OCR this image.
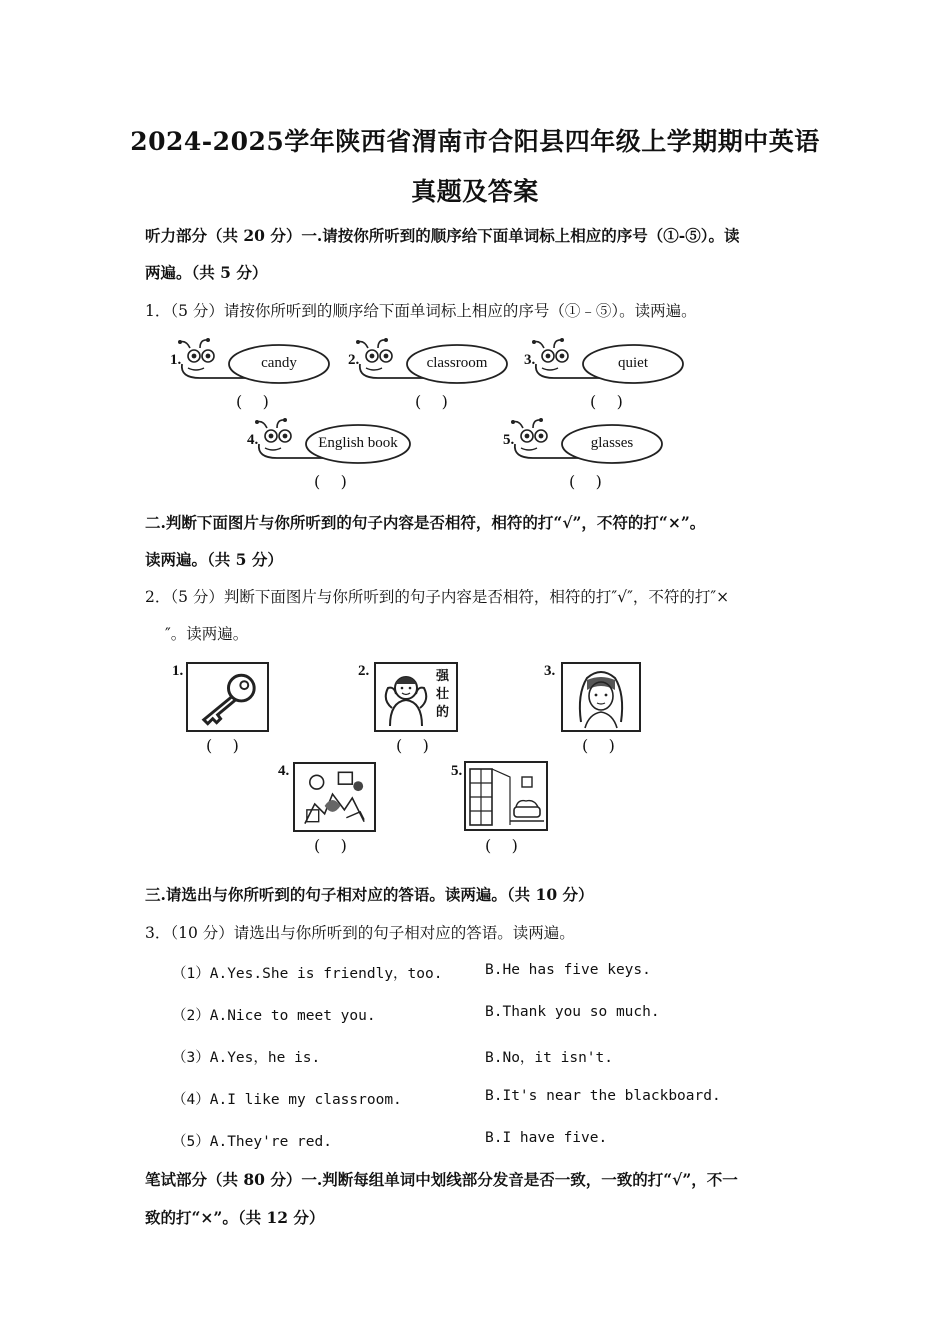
2024-2025学年陕西省渭南市合阳县四年级上学期期中英语
真题及答案
听力部分（共 20 分）一.请按你所听到的顺序给下面单词标上相应的序号（①-⑤）。读
两遍。（共 5 分）
1．（5 分）请按你所听到的顺序给下面单词标上相应的序号（①﹣⑤）。读两遍。
1.	candy
(    )
2.	classroom
(    )
3.	quiet
(    )
4.	English book
(    )
5.	glasses
(    )
二.判断下面图片与你所听到的句子内容是否相符，相符的打“√”，不符的打“×”。
读两遍。（共 5 分）
2．（5 分）判断下面图片与你所听到的句子内容是否相符，相符的打″√″，不符的打″×
″。读两遍。
1.
(    )
2.	强壮的
(    )
3.
(    )
4.
(    )
5.
(    )
三.请选出与你所听到的句子相对应的答语。读两遍。（共 10 分）
3．（10 分）请选出与你所听到的句子相对应的答语。读两遍。
（1）A.Yes.She is friendly，too.	B.He has five keys.
（2）A.Nice to meet you.	B.Thank you so much.
（3）A.Yes，he is.	B.No，it isn't.
（4）A.I like my classroom.	B.It's near the blackboard.
（5）A.They're red.	B.I have five.
笔试部分（共 80 分）一.判断每组单词中划线部分发音是否一致，一致的打“√”，不一
致的打“×”。（共 12 分）
